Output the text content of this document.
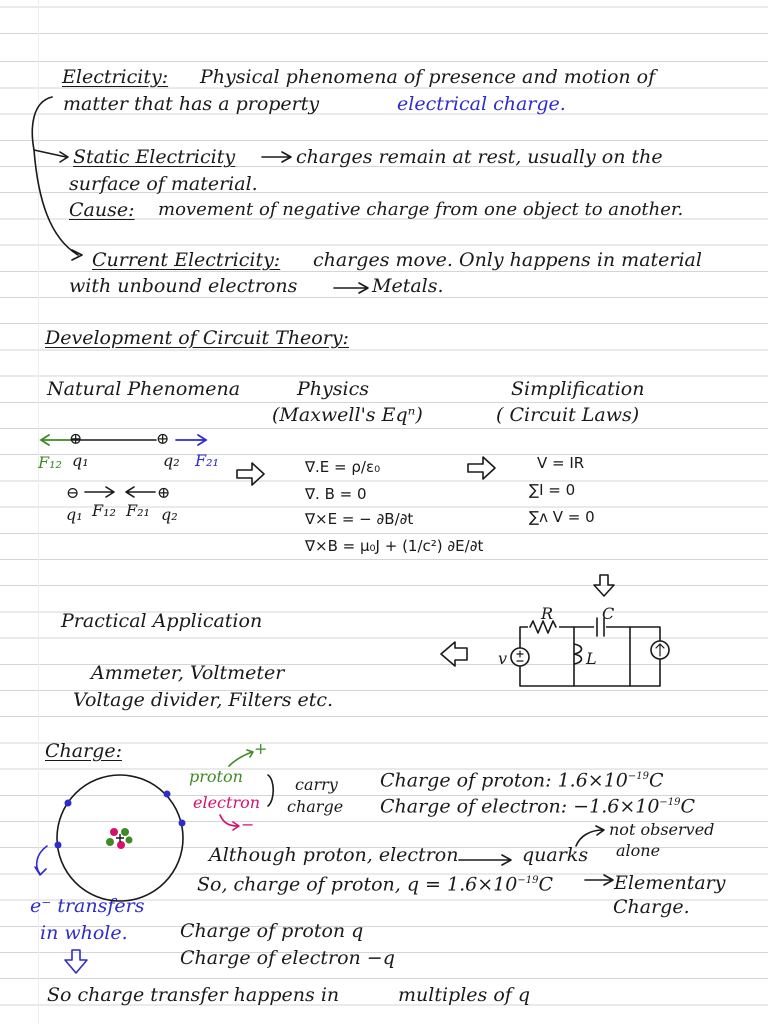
Electricity: Physical phenomena of presence and motion of
matter that has a property	electrical charge.
Static Electricity	charges remain at rest, usually on the
surface of material.
Cause: movement of negative charge from one object to another.
Current Electricity: charges move. Only happens in material
with unbound electrons	Metals.
Development of Circuit Theory:
Natural Phenomena	Physics
(Maxwell's Eqⁿ)
Simplification
( Circuit Laws)
⊕	⊕
F₁₂ q₁	q₂ F₂₁
⊖	⊕
q₁ F₁₂ F₂₁ q₂
∇.E = ρ/ε₀
∇. B = 0
∇×E = − ∂B/∂t
∇×B = μ₀J + (1/c²) ∂E/∂t
V = IR
∑I = 0
∑ᴧ V = 0
Practical Application
Ammeter, Voltmeter
Voltage divider, Filters etc.
R	C
L
v
Charge:	+
proton
electron
−
carry
charge
Charge of proton: $1.6\times 10^{-19}C$
Charge of electron: $-1.6\times 10^{-19}C$
not observed
alone
Although proton, electron	quarks
So, charge of proton, $q = 1.6\times 10^{-19}C$	Elementary
Charge.
e⁻ transfers
in whole.	Charge of proton q
Charge of electron −q
So charge transfer happens in	multiples of q
